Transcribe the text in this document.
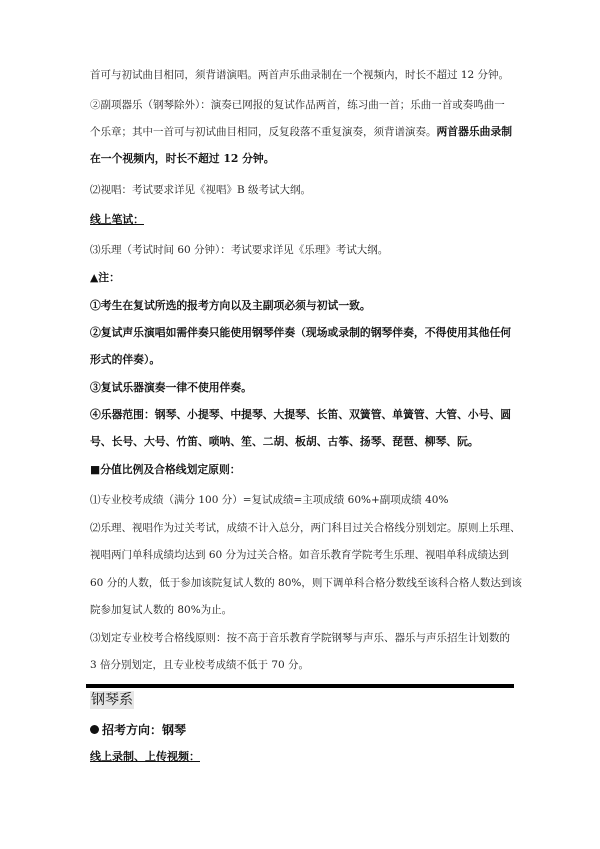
首可与初试曲目相同，须背谱演唱。两首声乐曲录制在一个视频内，时长不超过 12 分钟。
②副项器乐（钢琴除外）：演奏已网报的复试作品两首，练习曲一首；乐曲一首或奏鸣曲一
个乐章；其中一首可与初试曲目相同，反复段落不重复演奏，须背谱演奏。两首器乐曲录制
在一个视频内，时长不超过 12 分钟。
⑵视唱：考试要求详见《视唱》B 级考试大纲。
线上笔试：
⑶乐理（考试时间 60 分钟）：考试要求详见《乐理》考试大纲。
▲注：
①考生在复试所选的报考方向以及主副项必须与初试一致。
②复试声乐演唱如需伴奏只能使用钢琴伴奏（现场或录制的钢琴伴奏，不得使用其他任何
形式的伴奏）。
③复试乐器演奏一律不使用伴奏。
④乐器范围：钢琴、小提琴、中提琴、大提琴、长笛、双簧管、单簧管、大管、小号、圆
号、长号、大号、竹笛、唢呐、笙、二胡、板胡、古筝、扬琴、琵琶、柳琴、阮。
■分值比例及合格线划定原则：
⑴专业校考成绩（满分 100 分）=复试成绩=主项成绩 60%+副项成绩 40%
⑵乐理、视唱作为过关考试，成绩不计入总分，两门科目过关合格线分别划定。原则上乐理、
视唱两门单科成绩均达到 60 分为过关合格。如音乐教育学院考生乐理、视唱单科成绩达到
60 分的人数，低于参加该院复试人数的 80%，则下调单科合格分数线至该科合格人数达到该
院参加复试人数的 80%为止。
⑶划定专业校考合格线原则：按不高于音乐教育学院钢琴与声乐、器乐与声乐招生计划数的
3 倍分别划定，且专业校考成绩不低于 70 分。
钢琴系
招考方向：钢琴
线上录制、上传视频：
